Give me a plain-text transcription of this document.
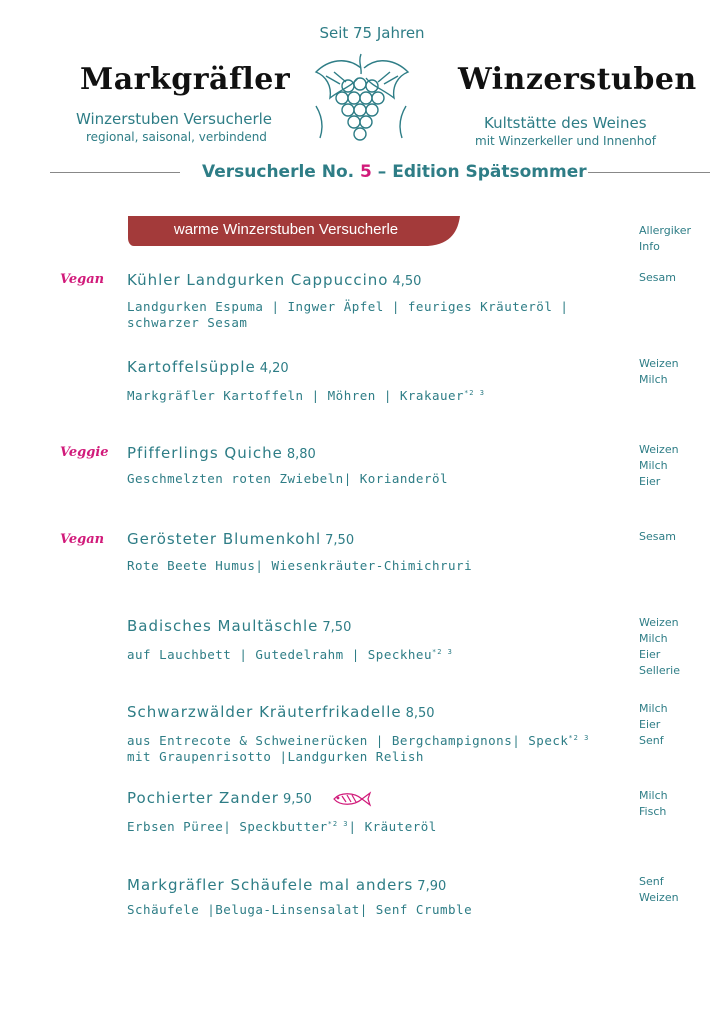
Seit 75 Jahren
Markgräfler	Winzerstuben
Winzerstuben Versucherle
regional, saisonal, verbindend
Kultstätte des Weines
mit Winzerkeller und Innenhof
Versucherle No. 5 – Edition Spätsommer
warme Winzerstuben Versucherle	Allergiker
Info
Vegan Kühler Landgurken Cappuccino 4,50
Landgurken Espuma | Ingwer Äpfel | feuriges Kräuteröl |
schwarzer Sesam
Sesam
Kartoffelsüpple 4,20
Markgräfler Kartoffeln | Möhren | Krakauer$^{*2 3}$
Weizen
Milch
Veggie Pfifferlings Quiche 8,80
Geschmelzten roten Zwiebeln| Korianderöl
Weizen
Milch
Eier
Vegan Gerösteter Blumenkohl 7,50
Rote Beete Humus| Wiesenkräuter-Chimichruri
Sesam
Badisches Maultäschle 7,50
auf Lauchbett | Gutedelrahm | Speckheu$^{*2 3}$
Weizen
Milch
Eier
Sellerie
Schwarzwälder Kräuterfrikadelle 8,50
aus Entrecote & Schweinerücken | Bergchampignons| Speck$^{*2 3}$
mit Graupenrisotto |Landgurken Relish
Milch
Eier
Senf
Pochierter Zander 9,50
Erbsen Püree| Speckbutter$^{*2 3}$| Kräuteröl
Milch
Fisch
Markgräfler Schäufele mal anders 7,90
Schäufele |Beluga-Linsensalat| Senf Crumble
Senf
Weizen
